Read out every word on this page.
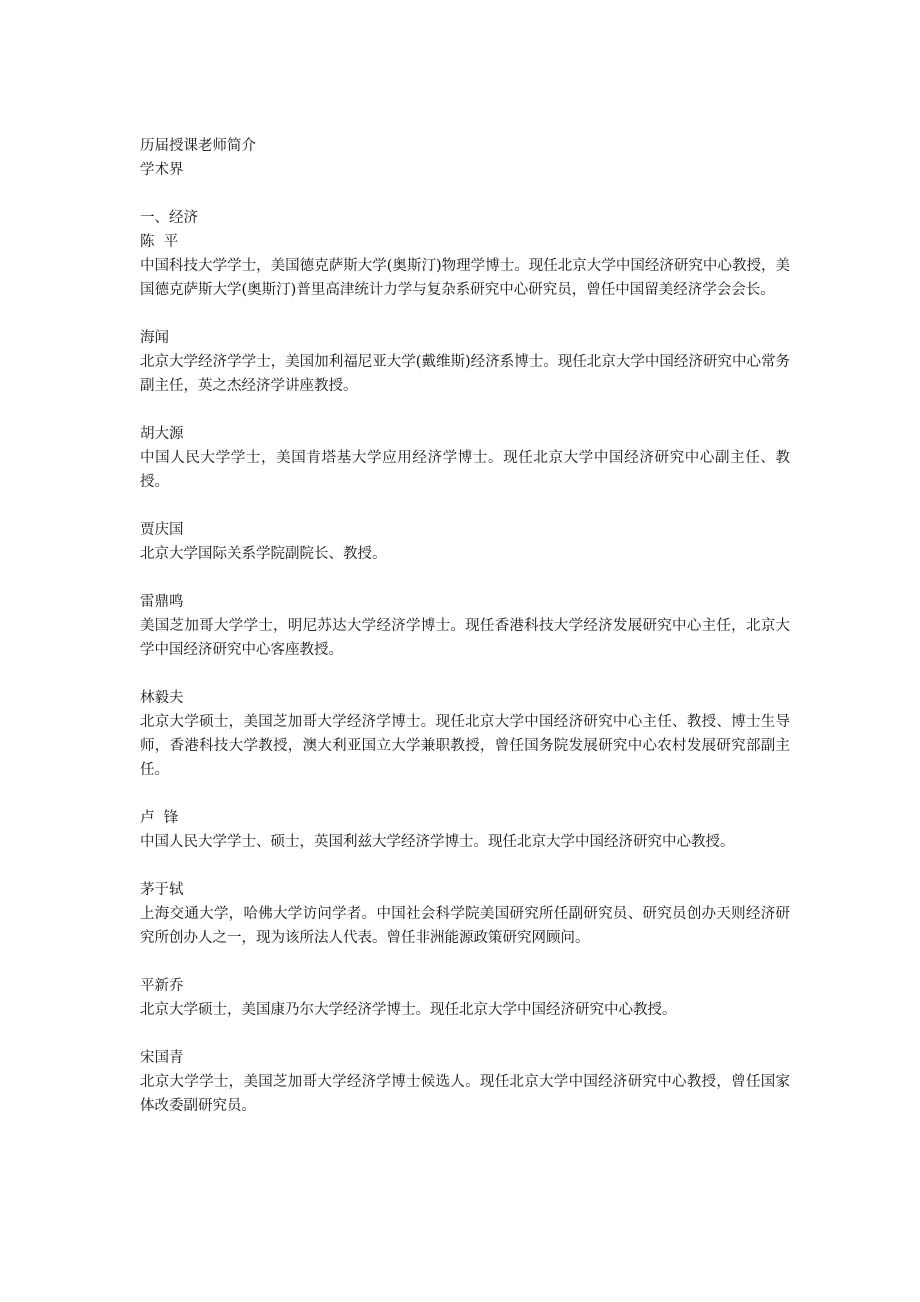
历届授课老师简介
学术界
一、经济
陈  平
中国科技大学学士，美国德克萨斯大学(奥斯汀)物理学博士。现任北京大学中国经济研究中心教授，美国德克萨斯大学(奥斯汀)普里高津统计力学与复杂系研究中心研究员，曾任中国留美经济学会会长。
海闻
北京大学经济学学士，美国加利福尼亚大学(戴维斯)经济系博士。现任北京大学中国经济研究中心常务副主任，英之杰经济学讲座教授。
胡大源
中国人民大学学士，美国肯塔基大学应用经济学博士。现任北京大学中国经济研究中心副主任、教授。
贾庆国
北京大学国际关系学院副院长、教授。
雷鼎鸣
美国芝加哥大学学士，明尼苏达大学经济学博士。现任香港科技大学经济发展研究中心主任，北京大学中国经济研究中心客座教授。
林毅夫
北京大学硕士，美国芝加哥大学经济学博士。现任北京大学中国经济研究中心主任、教授、博士生导师，香港科技大学教授，澳大利亚国立大学兼职教授，曾任国务院发展研究中心农村发展研究部副主任。
卢  锋
中国人民大学学士、硕士，英国利兹大学经济学博士。现任北京大学中国经济研究中心教授。
茅于轼
上海交通大学，哈佛大学访问学者。中国社会科学院美国研究所任副研究员、研究员创办天则经济研究所创办人之一，现为该所法人代表。曾任非洲能源政策研究网顾问。
平新乔
北京大学硕士，美国康乃尔大学经济学博士。现任北京大学中国经济研究中心教授。
宋国青
北京大学学士，美国芝加哥大学经济学博士候选人。现任北京大学中国经济研究中心教授，曾任国家体改委副研究员。
